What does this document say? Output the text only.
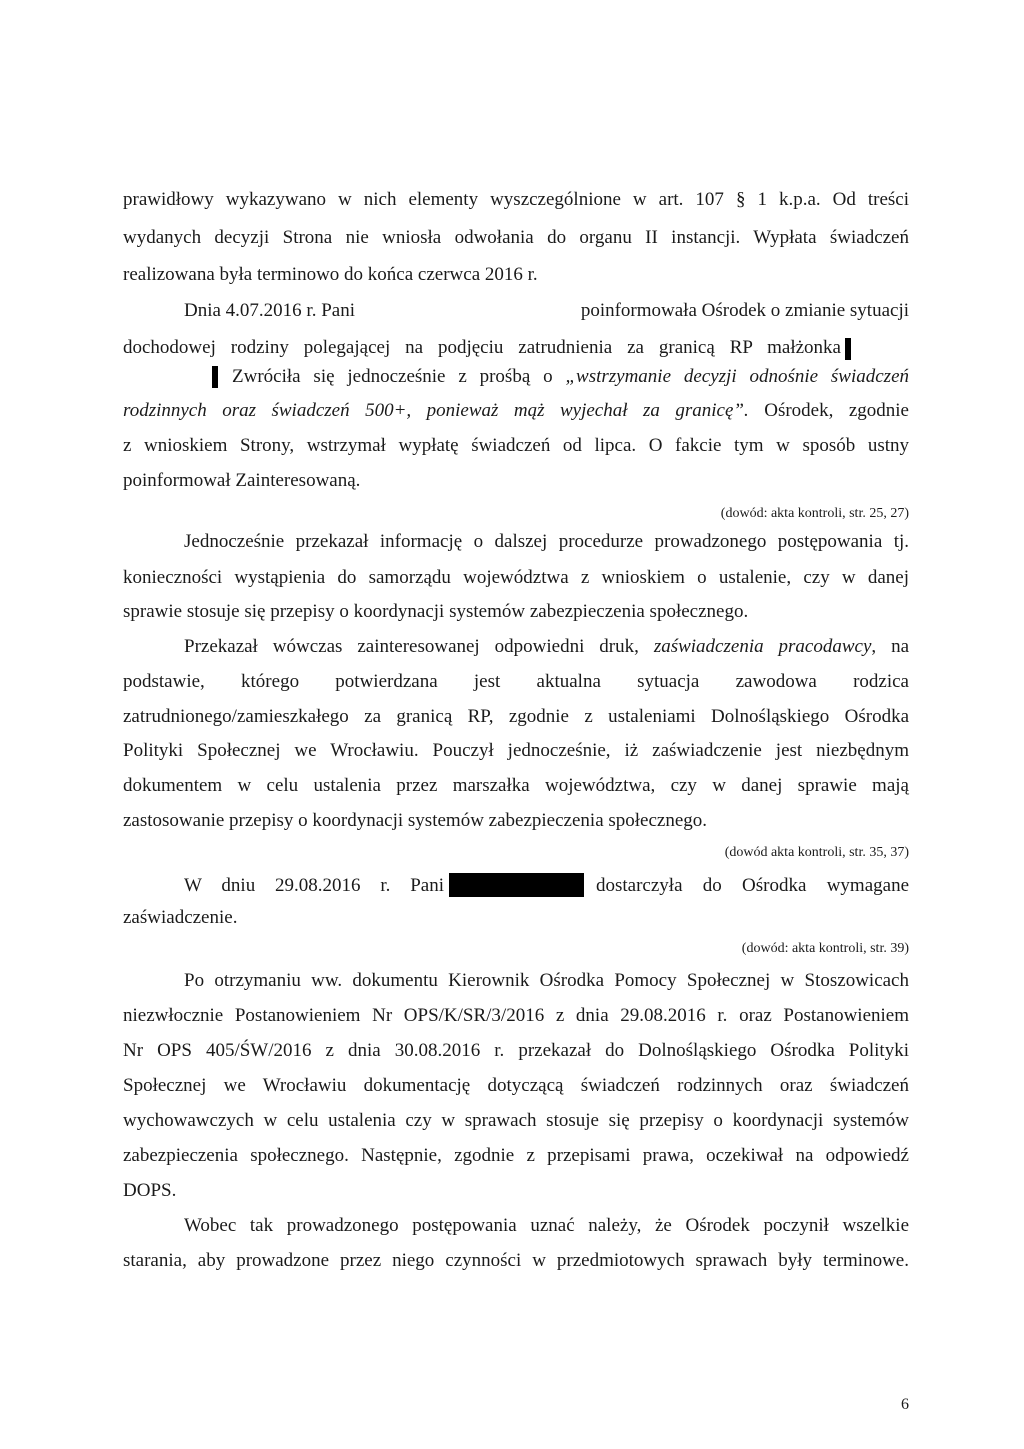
prawidłowy wykazywano w nich elementy wyszczególnione w art. 107 § 1 k.p.a. Od treści
wydanych decyzji Strona nie wniosła odwołania do organu II instancji. Wypłata świadczeń
realizowana była terminowo do końca czerwca 2016 r.
Dnia 4.07.2016 r. Pani	poinformowała Ośrodek o zmianie sytuacji
dochodowej rodziny polegającej na podjęciu zatrudnienia za granicą RP małżonka
Zwróciła się jednocześnie z prośbą o „wstrzymanie decyzji odnośnie świadczeń
rodzinnych oraz świadczeń 500+, ponieważ mąż wyjechał za granicę”. Ośrodek, zgodnie
z wnioskiem Strony, wstrzymał wypłatę świadczeń od lipca. O fakcie tym w sposób ustny
poinformował Zainteresowaną.
(dowód: akta kontroli, str. 25, 27)
Jednocześnie przekazał informację o dalszej procedurze prowadzonego postępowania tj.
konieczności wystąpienia do samorządu województwa z wnioskiem o ustalenie, czy w danej
sprawie stosuje się przepisy o koordynacji systemów zabezpieczenia społecznego.
Przekazał wówczas zainteresowanej odpowiedni druk, zaświadczenia pracodawcy, na
podstawie, którego potwierdzana jest aktualna sytuacja zawodowa rodzica
zatrudnionego/zamieszkałego za granicą RP, zgodnie z ustaleniami Dolnośląskiego Ośrodka
Polityki Społecznej we Wrocławiu. Pouczył jednocześnie, iż zaświadczenie jest niezbędnym
dokumentem w celu ustalenia przez marszałka województwa, czy w danej sprawie mają
zastosowanie przepisy o koordynacji systemów zabezpieczenia społecznego.
(dowód akta kontroli, str. 35, 37)
W dniu 29.08.2016 r. Pani	dostarczyła do Ośrodka wymagane
zaświadczenie.
(dowód: akta kontroli, str. 39)
Po otrzymaniu ww. dokumentu Kierownik Ośrodka Pomocy Społecznej w Stoszowicach
niezwłocznie Postanowieniem Nr OPS/K/SR/3/2016 z dnia 29.08.2016 r. oraz Postanowieniem
Nr OPS 405/ŚW/2016 z dnia 30.08.2016 r. przekazał do Dolnośląskiego Ośrodka Polityki
Społecznej we Wrocławiu dokumentację dotyczącą świadczeń rodzinnych oraz świadczeń
wychowawczych w celu ustalenia czy w sprawach stosuje się przepisy o koordynacji systemów
zabezpieczenia społecznego. Następnie, zgodnie z przepisami prawa, oczekiwał na odpowiedź
DOPS.
Wobec tak prowadzonego postępowania uznać należy, że Ośrodek poczynił wszelkie
starania, aby prowadzone przez niego czynności w przedmiotowych sprawach były terminowe.
6
